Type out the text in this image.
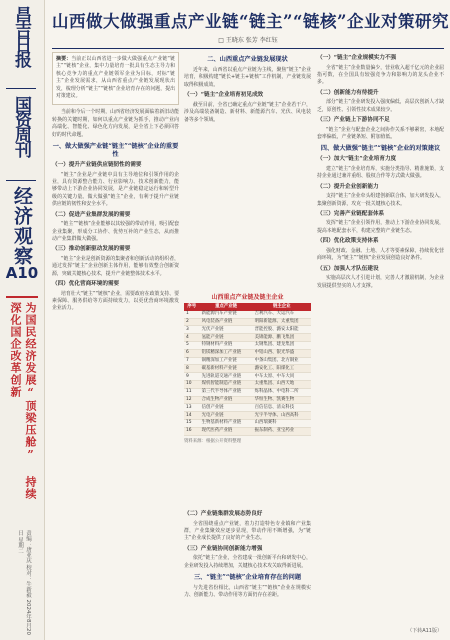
昌吉日报
国资周刊
经济观察
A10
为国民经济发展“顶梁压舱” 持续深化国企改革创新
责编：唐亚庆 校对：牛新毅 2024年8月20日 星期二
山西做大做强重点产业链“链主”“链核”企业对策研究
□ 王晓东 张芳 李红钰

摘要：当前正以山西省进一步做大做强重点产业链“链主”“链核”企业，集中力量培育一批具有生态主导力和核心竞争力的重点产业链领军企业为目标，对标“链主”企业发展需求，从山西省重点产业链发展现状出发，梳理分析“链主”“链核”企业培育存在的问题，提出对策建议。

当前和今后一个时期，山西省经济发展面临着新旧动能转换的关键时期，如何以重点产业链为抓手，推动产业向高端化、智能化、绿色化方向发展，是全省上下必须回答好的时代命题。

一、做大做强产业链“链主”“链核”企业的重要性
（一）提升产业链供应链韧性的需要

“链主”企业是产业链中具有主导地位和引领作用的企业，具有资源整合能力、行业影响力、技术创新能力，能够带动上下游企业协同发展，是产业链稳定运行和转型升级的关键力量。做大做强“链主”企业，有利于提升产业链供应链的韧性和安全水平。

（二）促进产业集群发展的需要

“链主”“链核”企业能够以其较强的带动作用，吸引配套企业集聚，形成分工协作、优势互补的产业生态，从而推动产业集群做大做强。

（三）推动创新驱动发展的需要

“链主”企业是创新资源的集聚者和创新活动的组织者，通过发挥“链主”企业创新主体作用，能够有效整合创新资源，突破关键核心技术，提升产业链整体技术水平。

（四）优化营商环境的需要

培育壮大“链主”“链核”企业，需要政府在政策支持、要素保障、服务供给等方面持续发力，以更优营商环境激发企业活力。

二、山西重点产业链发展现状

近年来，山西省以重点产业链为主线，聚焦“链主”企业培育，积极构建“链长+链主+链核”工作机制，产业链发展取得积极成效。

（一）“链主”企业培育初见成效

截至目前，全省已确定重点产业链“链主”企业若干户，涉及高端装备制造、新材料、新能源汽车、光伏、风电装备等多个领域。

山西重点产业链及链主企业
序号	重点产业链	链主企业
1	新能源汽车产业链	吉利汽车、大运汽车
2	风电装备产业链	明阳新能源、太重集团
3	光伏产业链	晋能控股、潞安太阳能
4	氢能产业链	美锦能源、鹏飞集团
5	特钢材料产业链	太钢集团、建龙集团
6	铝镁精深加工产业链	中铝山西、银光华盛
7	铜精深加工产业链	中条山集团、北方铜业
8	碳基新材料产业链	潞安化工、阳煤化工
9	先进轨道交通产业链	中车太原、中车大同
10	煤机智能制造产业链	太重集团、山西天地
11	第三代半导体产业链	烁科晶体、中电科二所
12	合成生物产业链	华恒生物、凯赛生物
13	信创产业链	百信信息、清众科技
14	光电产业链	光宇半导体、山西高科
15	生物基新材料产业链	山西瑞赛科
16	现代医药产业链	振东制药、亚宝药业
资料来源：根据公开资料整理
（二）产业链集群发展态势良好

全省围绕重点产业链，着力打造特色专业镇和产业集群，产业集聚效应逐步显现，带动作用不断增强，为“链主”企业成长提供了良好的产业生态。

（三）产业链协同创新能力增强

依托“链主”企业，全省建成一批创新平台和研发中心，企业研发投入持续增加，关键核心技术攻关取得新进展。

三、“链主”“链核”企业培育存在的问题

与先进省份相比，山西省“链主”“链核”企业在规模实力、创新能力、带动作用等方面仍存在差距。

（一）“链主”企业规模实力不强

全省“链主”企业数量偏少，营业收入超千亿元的企业屈指可数，在全国具有较强竞争力和影响力的龙头企业不多。

（二）创新能力有待提升

部分“链主”企业研发投入强度偏低，高层次创新人才缺乏，原创性、引领性技术成果较少。

（三）产业链上下游协同不足

“链主”企业与配套企业之间协作关系不够紧密，本地配套率偏低，产业链条短、附加值低。

四、做大做强“链主”“链核”企业的对策建议
（一）加大“链主”企业培育力度

建立“链主”企业培育库，实施分类指导、精准施策，支持企业通过兼并重组、股权合作等方式做大做强。

（二）提升企业创新能力

支持“链主”企业牵头组建创新联合体，加大研发投入，集聚创新资源，攻克一批关键核心技术。

（三）完善产业链配套体系

发挥“链主”企业引领作用，推动上下游企业协同发展，提高本地配套水平，构建完整的产业链生态。

（四）优化政策支持体系

强化财政、金融、土地、人才等要素保障，持续优化营商环境，为“链主”“链核”企业发展创造良好条件。

（五）加强人才队伍建设

实施高层次人才引进计划，完善人才激励机制，为企业发展提供坚实的人才支撑。

（下转A11版）
